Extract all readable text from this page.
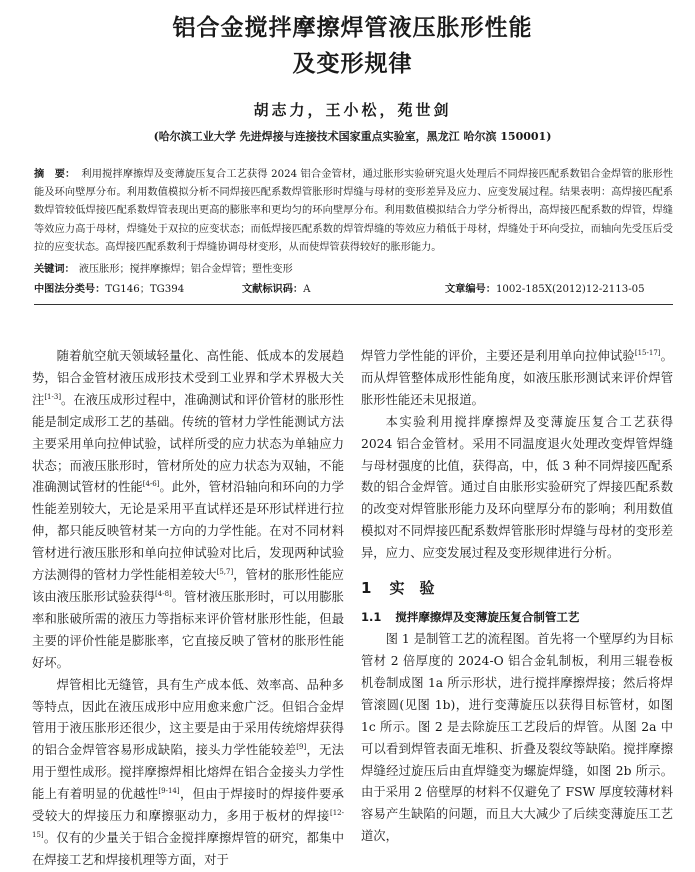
铝合金搅拌摩擦焊管液压胀形性能
及变形规律
胡志力，王小松，苑世剑
(哈尔滨工业大学 先进焊接与连接技术国家重点实验室，黑龙江 哈尔滨 150001)
摘　要： 利用搅拌摩擦焊及变薄旋压复合工艺获得 2024 铝合金管材，通过胀形实验研究退火处理后不同焊接匹配系数铝合金焊管的胀形性能及环向壁厚分布。利用数值模拟分析不同焊接匹配系数焊管胀形时焊缝与母材的变形差异及应力、应变发展过程。结果表明：高焊接匹配系数焊管较低焊接匹配系数焊管表现出更高的膨胀率和更均匀的环向壁厚分布。利用数值模拟结合力学分析得出，高焊接匹配系数的焊管，焊缝等效应力高于母材，焊缝处于双拉的应变状态；而低焊接匹配系数的焊管焊缝的等效应力稍低于母材，焊缝处于环向受拉，而轴向先受压后受拉的应变状态。高焊接匹配系数利于焊缝协调母材变形，从而使焊管获得较好的胀形能力。
关键词： 液压胀形；搅拌摩擦焊；铝合金焊管；塑性变形
中图法分类号：TG146；TG394	文献标识码：A	文章编号：1002-185X(2012)12-2113-05

随着航空航天领域轻量化、高性能、低成本的发展趋势，铝合金管材液压成形技术受到工业界和学术界极大关注[1-3]。在液压成形过程中，准确测试和评价管材的胀形性能是制定成形工艺的基础。传统的管材力学性能测试方法主要采用单向拉伸试验，试样所受的应力状态为单轴应力状态；而液压胀形时，管材所处的应力状态为双轴，不能准确测试管材的性能[4-6]。此外，管材沿轴向和环向的力学性能差别较大，无论是采用平直试样还是环形试样进行拉伸，都只能反映管材某一方向的力学性能。在对不同材料管材进行液压胀形和单向拉伸试验对比后，发现两种试验方法测得的管材力学性能相差较大[5,7]，管材的胀形性能应该由液压胀形试验获得[4-8]。管材液压胀形时，可以用膨胀率和胀破所需的液压力等指标来评价管材胀形性能，但最主要的评价性能是膨胀率，它直接反映了管材的胀形性能好坏。

焊管相比无缝管，具有生产成本低、效率高、品种多等特点，因此在液压成形中应用愈来愈广泛。但铝合金焊管用于液压胀形还很少，这主要是由于采用传统熔焊获得的铝合金焊管容易形成缺陷，接头力学性能较差[9]，无法用于塑性成形。搅拌摩擦焊相比熔焊在铝合金接头力学性能上有着明显的优越性[9-14]，但由于焊接时的焊接件要承受较大的焊接压力和摩擦驱动力，多用于板材的焊接[12-15]。仅有的少量关于铝合金搅拌摩擦焊管的研究，都集中在焊接工艺和焊接机理等方面，对于

焊管力学性能的评价，主要还是利用单向拉伸试验[15-17]。而从焊管整体成形性能角度，如液压胀形测试来评价焊管胀形性能还未见报道。

本实验利用搅拌摩擦焊及变薄旋压复合工艺获得 2024 铝合金管材。采用不同温度退火处理改变焊管焊缝与母材强度的比值，获得高，中，低 3 种不同焊接匹配系数的铝合金焊管。通过自由胀形实验研究了焊接匹配系数的改变对焊管胀形能力及环向壁厚分布的影响；利用数值模拟对不同焊接匹配系数焊管胀形时焊缝与母材的变形差异，应力、应变发展过程及变形规律进行分析。

1 实　验
1.1 搅拌摩擦焊及变薄旋压复合制管工艺

图 1 是制管工艺的流程图。首先将一个壁厚约为目标管材 2 倍厚度的 2024-O 铝合金轧制板，利用三辊卷板机卷制成图 1a 所示形状，进行搅拌摩擦焊接；然后将焊管滚圆(见图 1b)，进行变薄旋压以获得目标管材，如图 1c 所示。图 2 是去除旋压工艺段后的焊管。从图 2a 中可以看到焊管表面无堆积、折叠及裂纹等缺陷。搅拌摩擦焊缝经过旋压后由直焊缝变为螺旋焊缝，如图 2b 所示。由于采用 2 倍壁厚的材料不仅避免了 FSW 厚度较薄材料容易产生缺陷的问题，而且大大减少了后续变薄旋压工艺道次，
